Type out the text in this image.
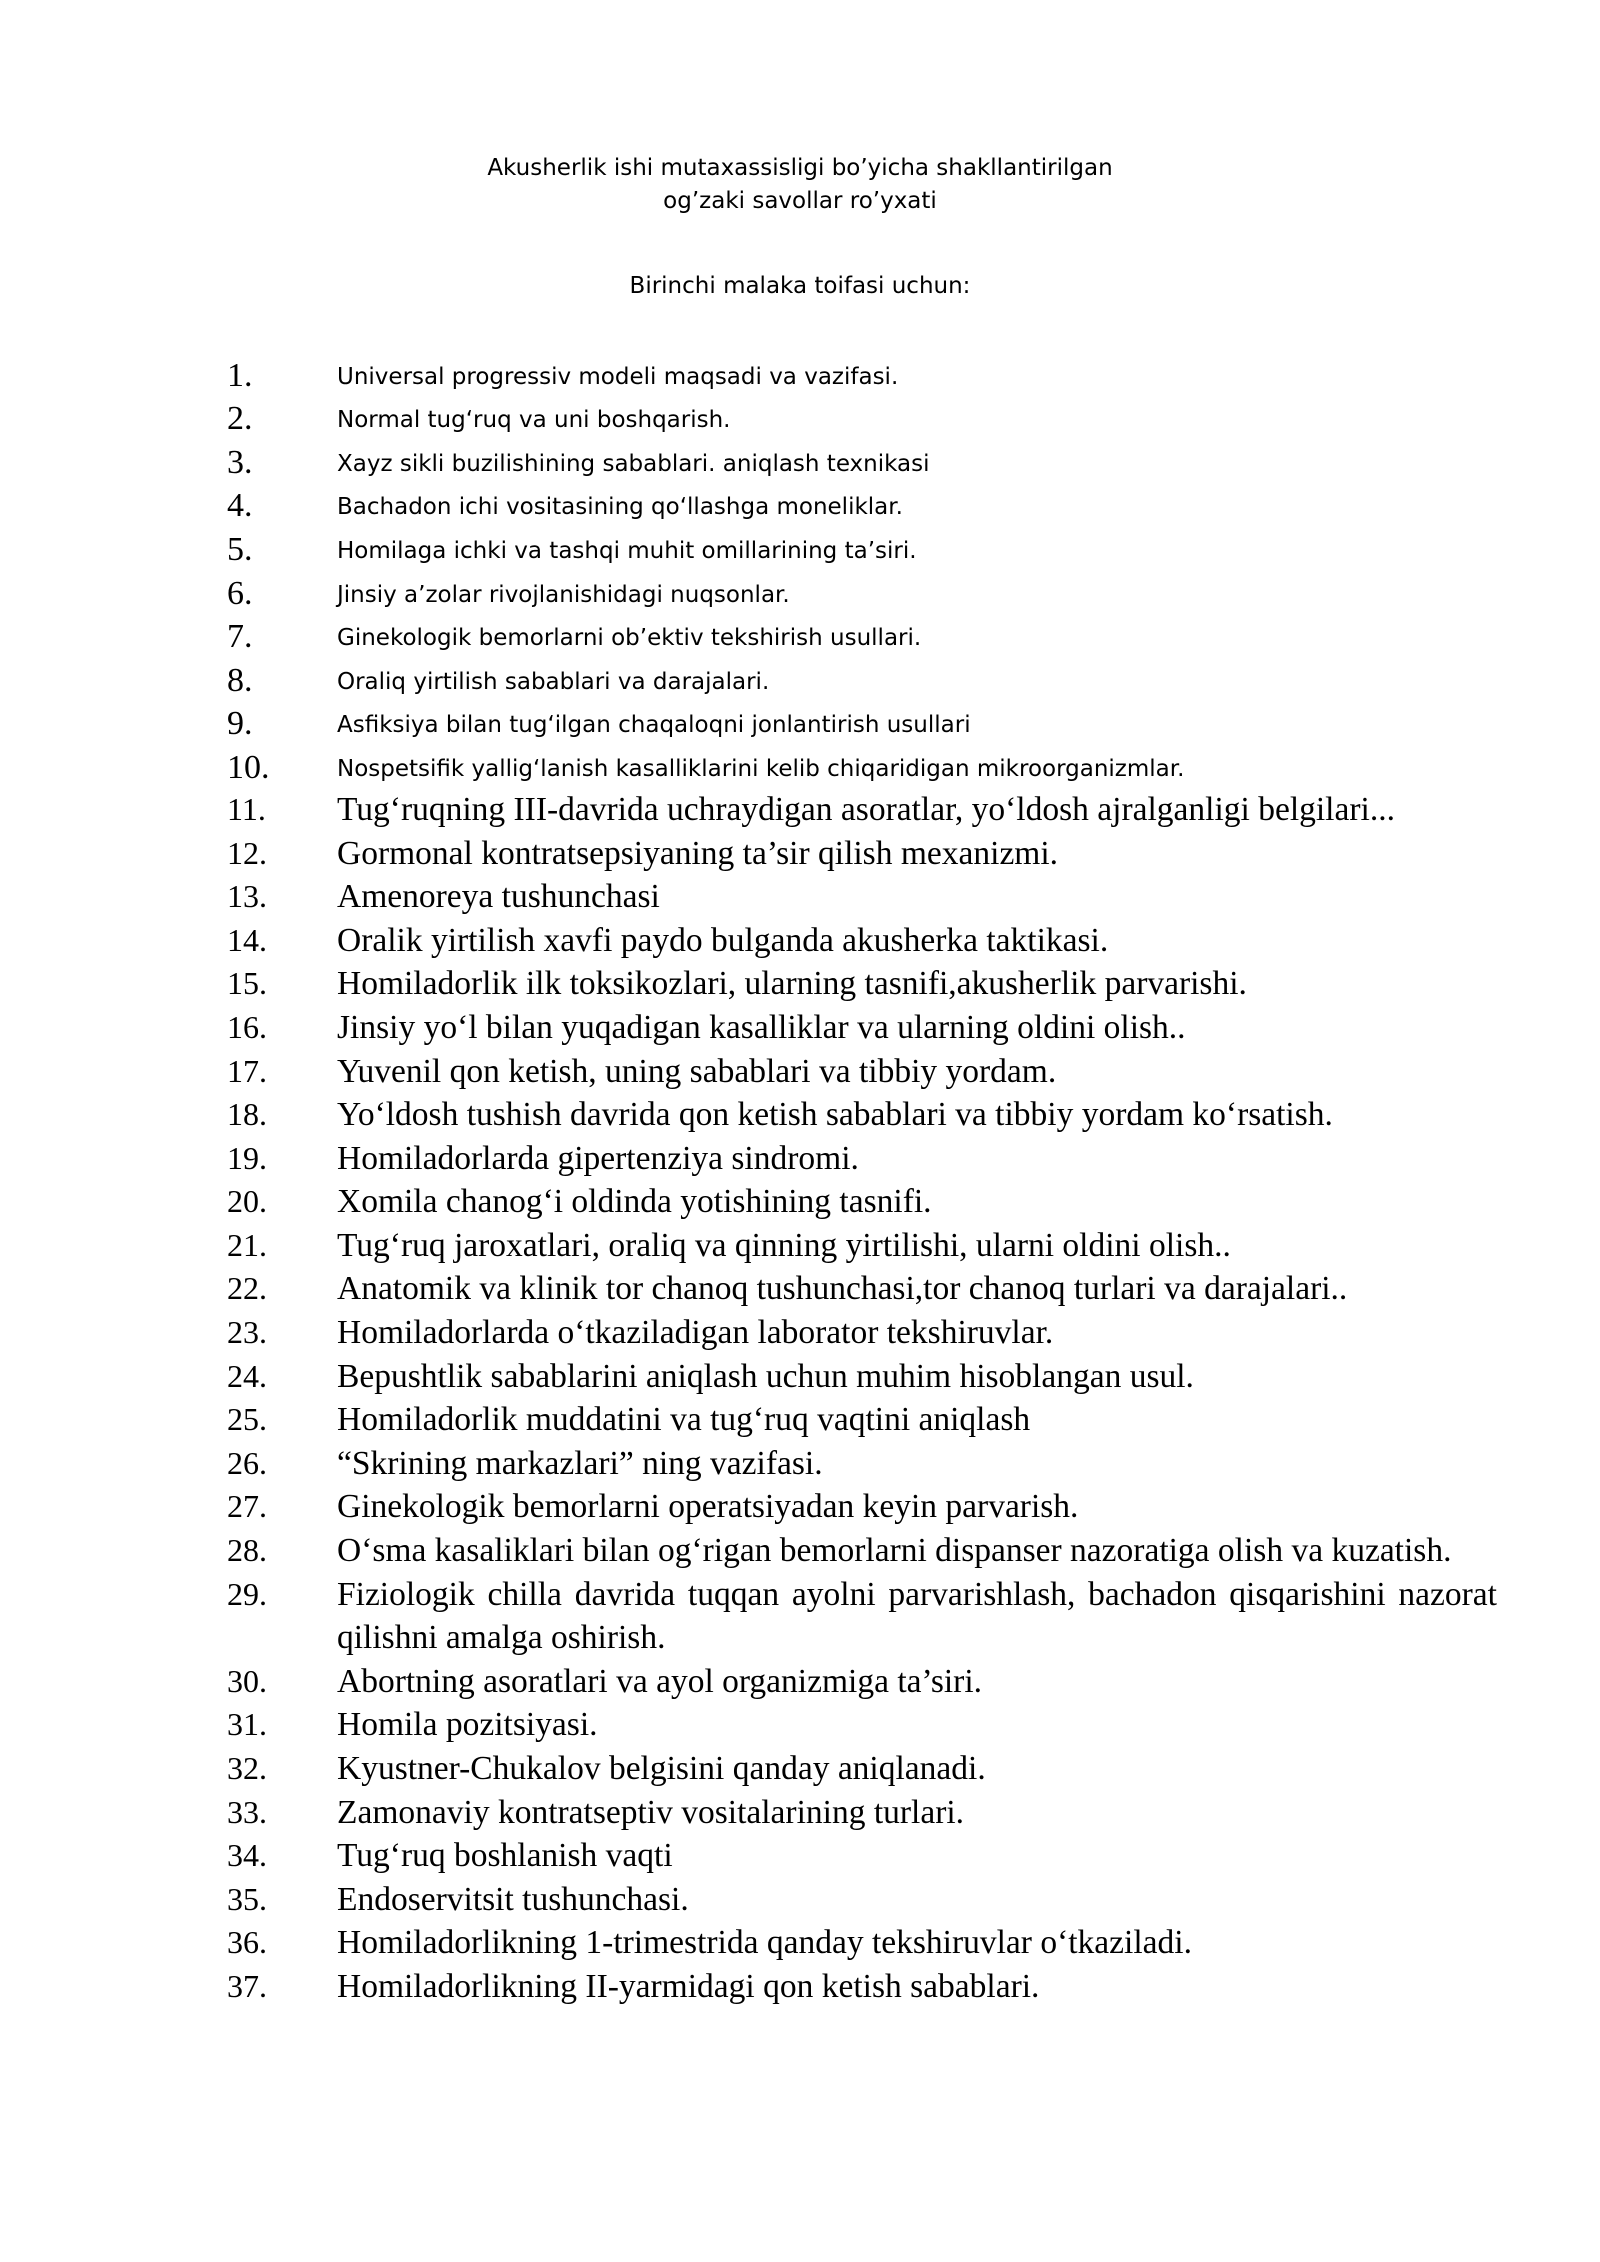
Akusherlik ishi mutaxassisligi bo’yicha shakllantirilgan
og’zaki savollar ro’yxati
Birinchi malaka toifasi uchun:
1.	Universal progressiv modeli maqsadi va vazifasi.
2.	Normal tug‘ruq va uni boshqarish.
3.	Xayz sikli buzilishining sabablari. aniqlash texnikasi
4.	Bachadon ichi vositasining qo‘llashga moneliklar.
5.	Homilaga ichki va tashqi muhit omillarining ta’siri.
6.	Jinsiy a’zolar rivojlanishidagi nuqsonlar.
7.	Ginekologik bemorlarni ob’ektiv tekshirish usullari.
8.	Oraliq yirtilish sabablari va darajalari.
9.	Asfiksiya bilan tug‘ilgan chaqaloqni jonlantirish usullari
10.	Nospetsifik yallig‘lanish kasalliklarini kelib chiqaridigan mikroorganizmlar.
11.	Tug‘ruqning III-davrida uchraydigan asoratlar, yo‘ldosh ajralganligi belgilari...
12.	Gormonal kontratsepsiyaning ta’sir qilish mexanizmi.
13.	Amenoreya tushunchasi
14.	Oralik yirtilish xavfi paydo bulganda akusherka taktikasi.
15.	Homiladorlik ilk toksikozlari, ularning tasnifi,akusherlik parvarishi.
16.	Jinsiy yo‘l bilan yuqadigan kasalliklar va ularning oldini olish..
17.	Yuvenil qon ketish, uning sabablari va tibbiy yordam.
18.	Yo‘ldosh tushish davrida qon ketish sabablari va tibbiy yordam ko‘rsatish.
19.	Homiladorlarda gipertenziya sindromi.
20.	Xomila chanog‘i oldinda yotishining tasnifi.
21.	Tug‘ruq jaroxatlari, oraliq va qinning yirtilishi, ularni oldini olish..
22.	Anatomik va klinik tor chanoq tushunchasi,tor chanoq turlari va darajalari..
23.	Homiladorlarda o‘tkaziladigan laborator tekshiruvlar.
24.	Bepushtlik sabablarini aniqlash uchun muhim hisoblangan usul.
25.	Homiladorlik muddatini va tug‘ruq vaqtini aniqlash
26.	“Skrining markazlari” ning vazifasi.
27.	Ginekologik bemorlarni operatsiyadan keyin parvarish.
28.	O‘sma kasaliklari bilan og‘rigan bemorlarni dispanser nazoratiga olish va kuzatish.
29.	Fiziologik chilla davrida tuqqan ayolni parvarishlash, bachadon qisqarishini nazorat qilishni amalga oshirish.
30.	Abortning asoratlari va ayol organizmiga ta’siri.
31.	Homila pozitsiyasi.
32.	Kyustner-Chukalov belgisini qanday aniqlanadi.
33.	Zamonaviy kontratseptiv vositalarining turlari.
34.	Tug‘ruq boshlanish vaqti
35.	Endoservitsit tushunchasi.
36.	Homiladorlikning 1-trimestrida qanday tekshiruvlar o‘tkaziladi.
37.	Homiladorlikning II-yarmidagi qon ketish sabablari.
